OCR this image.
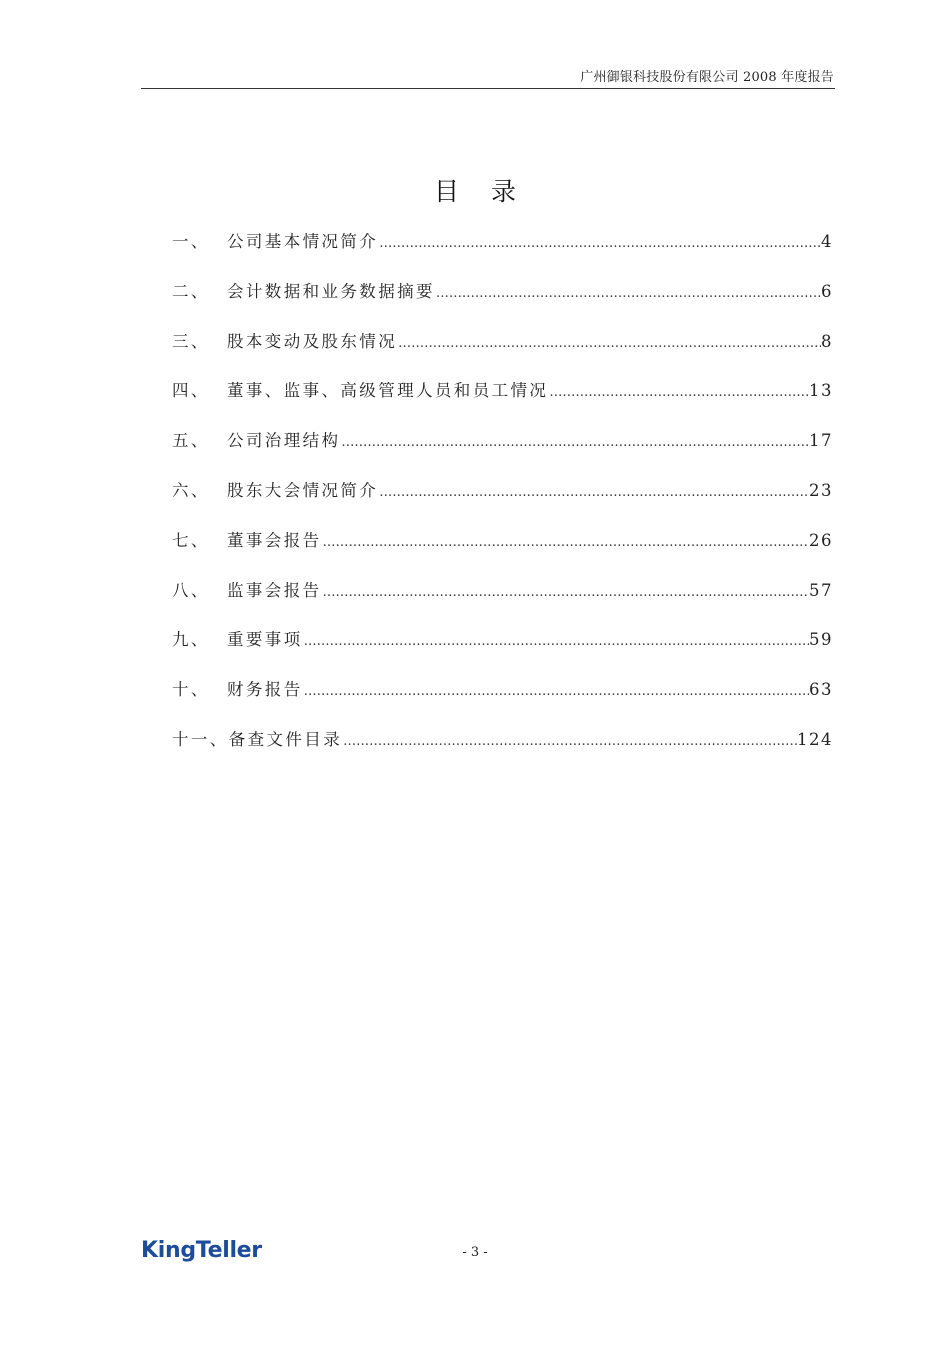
广州御银科技股份有限公司 2008 年度报告
目 录
一、	公司基本情况简介 ………………………………………………………………………………………………………………………………	4
二、	会计数据和业务数据摘要 ………………………………………………………………………………………………………………………………	6
三、	股本变动及股东情况 ………………………………………………………………………………………………………………………………	8
四、	董事、监事、高级管理人员和员工情况 ………………………………………………………………………………………………………………………………	13
五、	公司治理结构 ………………………………………………………………………………………………………………………………	17
六、	股东大会情况简介 ………………………………………………………………………………………………………………………………	23
七、	董事会报告 ………………………………………………………………………………………………………………………………	26
八、	监事会报告 ………………………………………………………………………………………………………………………………	57
九、	重要事项 ………………………………………………………………………………………………………………………………	59
十、	财务报告 ………………………………………………………………………………………………………………………………	63
十一、 备查文件目录 ………………………………………………………………………………………………………………………………	124
KingTeller	- 3 -
